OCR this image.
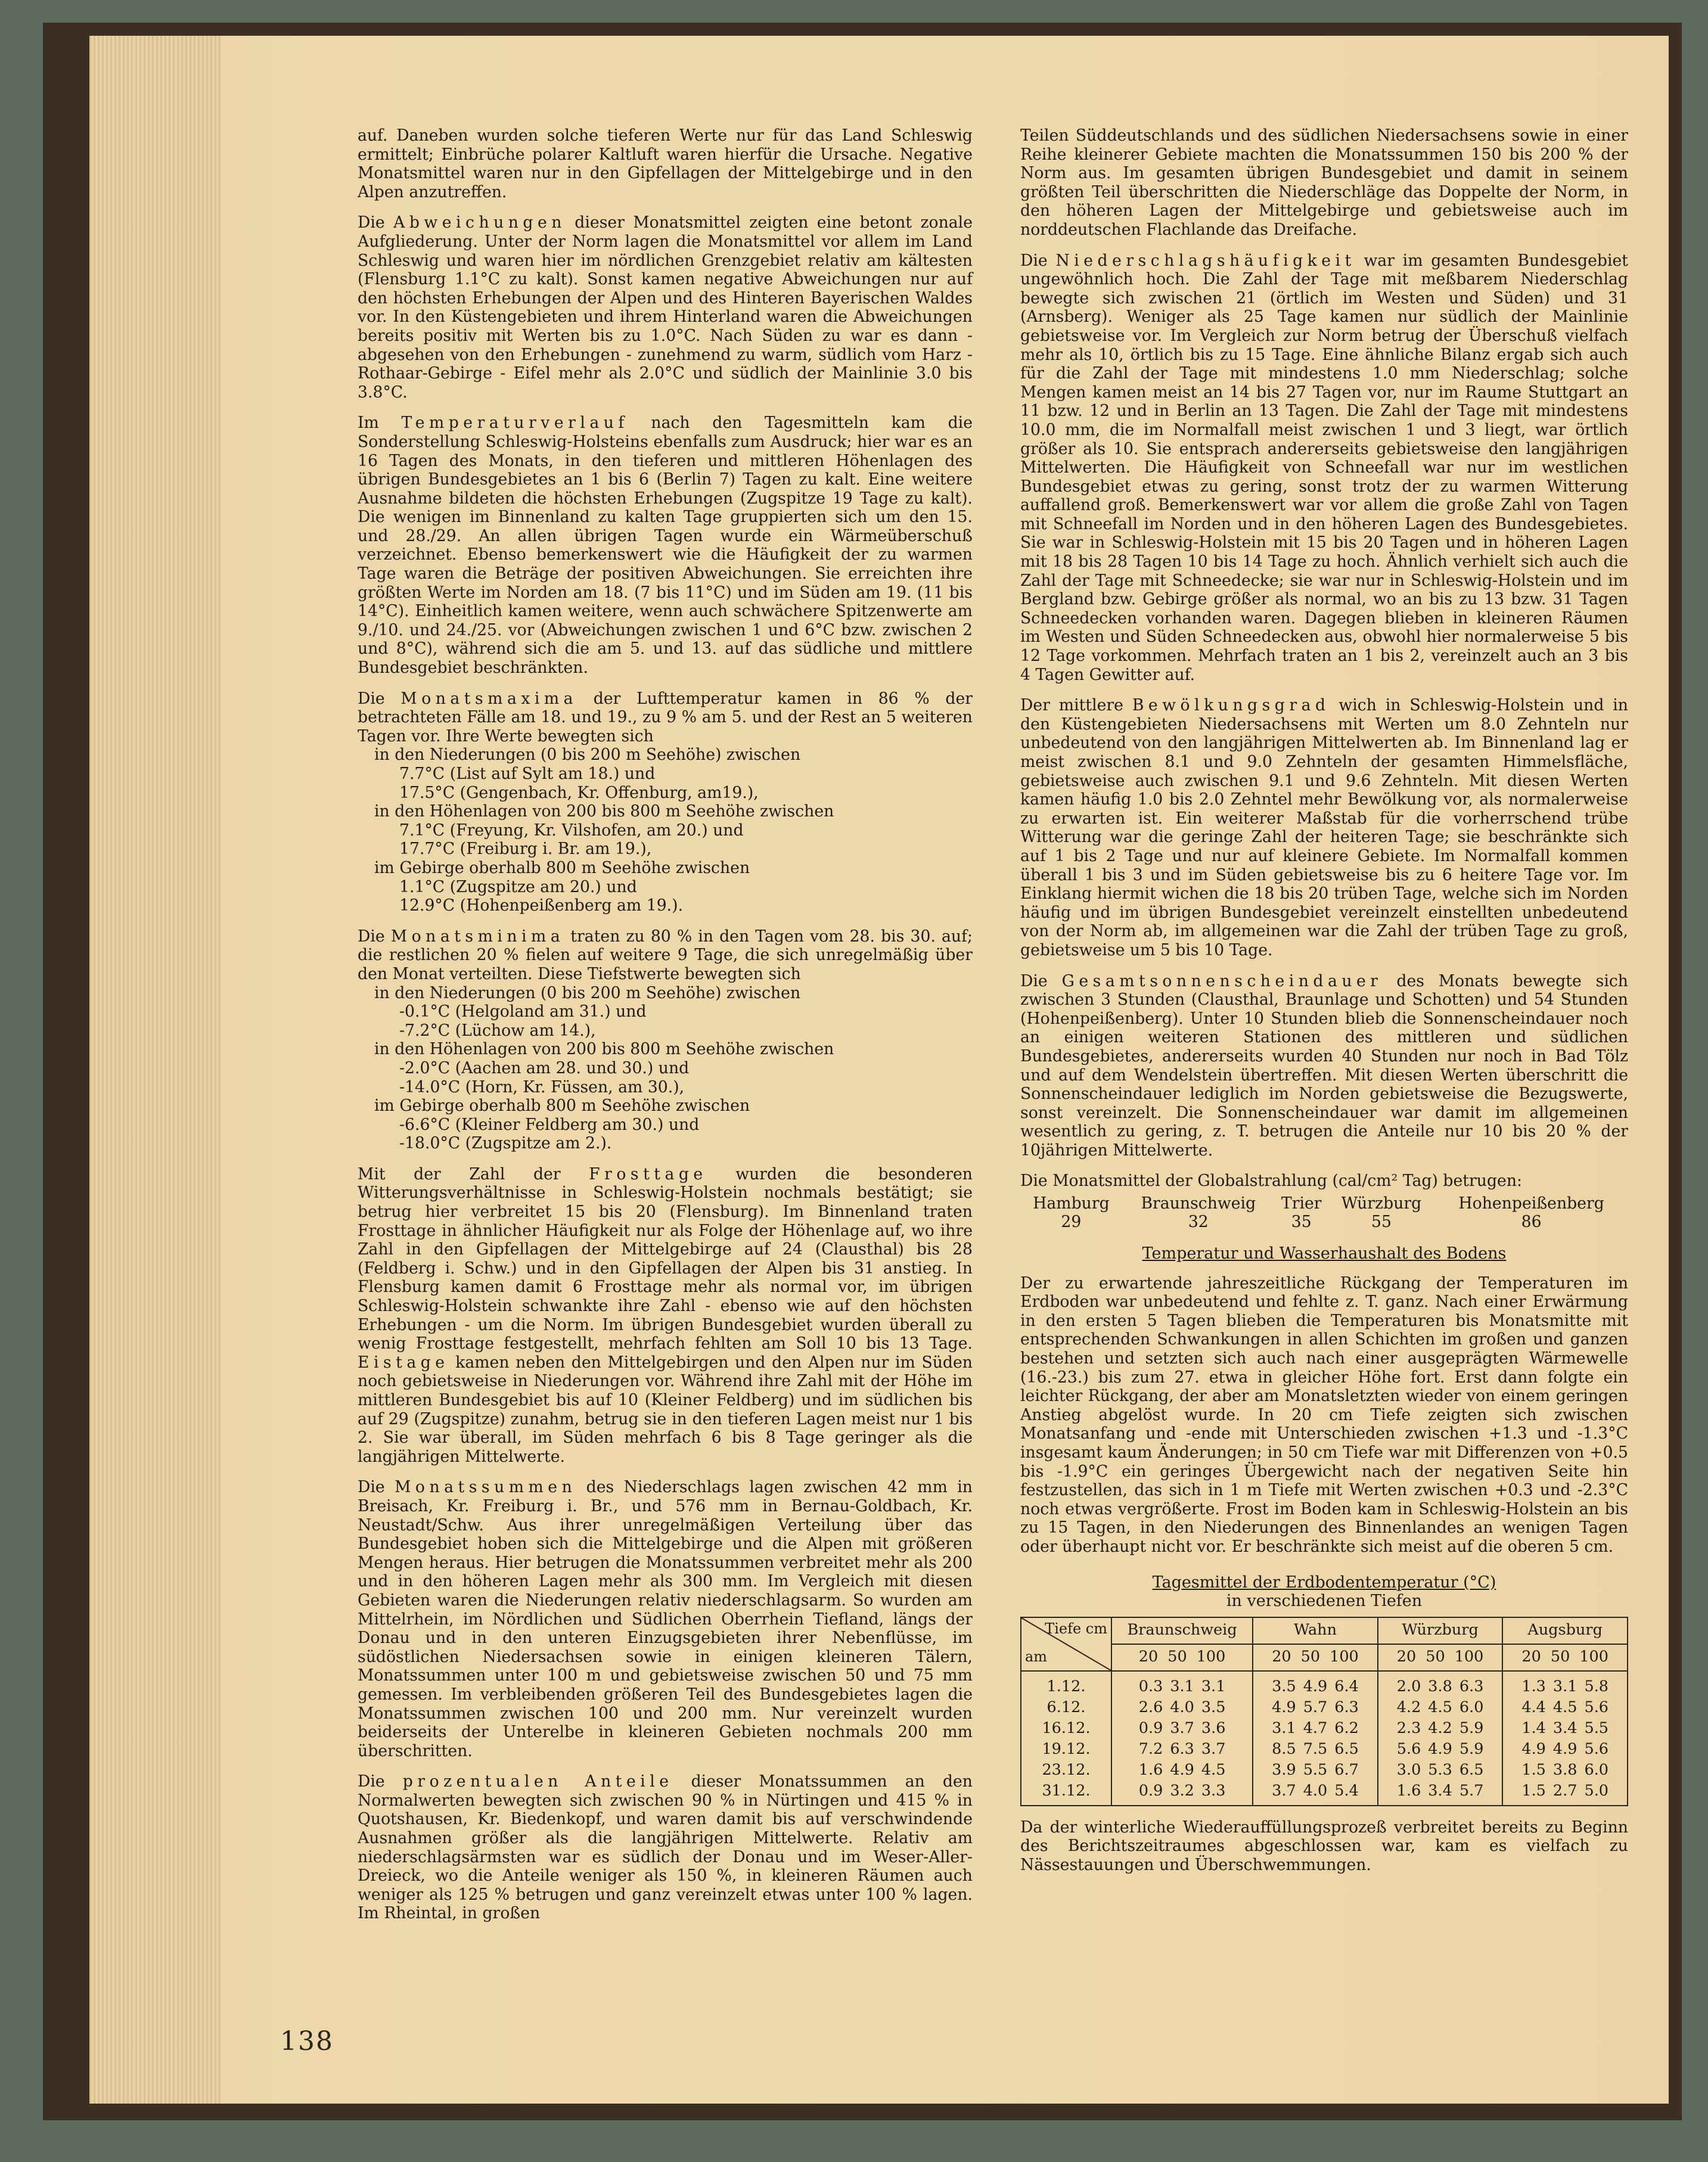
auf. Daneben wurden solche tieferen Werte nur für das Land Schleswig ermittelt; Einbrüche polarer Kaltluft waren hierfür die Ursache. Negative Monatsmittel waren nur in den Gipfellagen der Mittelgebirge und in den Alpen anzutreffen.

Die Abweichungen dieser Monatsmittel zeigten eine betont zonale Aufgliederung. Unter der Norm lagen die Monatsmittel vor allem im Land Schleswig und waren hier im nördlichen Grenzgebiet relativ am kältesten (Flensburg 1.1°C zu kalt). Sonst kamen negative Abweichungen nur auf den höchsten Erhebungen der Alpen und des Hinteren Bayerischen Waldes vor. In den Küstengebieten und ihrem Hinterland waren die Abweichungen bereits positiv mit Werten bis zu 1.0°C. Nach Süden zu war es dann - abgesehen von den Erhebungen - zunehmend zu warm, südlich vom Harz - Rothaar-Gebirge - Eifel mehr als 2.0°C und südlich der Mainlinie 3.0 bis 3.8°C.

Im Temperaturverlauf nach den Tagesmitteln kam die Sonderstellung Schleswig-Holsteins ebenfalls zum Ausdruck; hier war es an 16 Tagen des Monats, in den tieferen und mittleren Höhenlagen des übrigen Bundesgebietes an 1 bis 6 (Berlin 7) Tagen zu kalt. Eine weitere Ausnahme bildeten die höchsten Erhebungen (Zugspitze 19 Tage zu kalt). Die wenigen im Binnenland zu kalten Tage gruppierten sich um den 15. und 28./29. An allen übrigen Tagen wurde ein Wärmeüberschuß verzeichnet. Ebenso bemerkenswert wie die Häufigkeit der zu warmen Tage waren die Beträge der positiven Abweichungen. Sie erreichten ihre größten Werte im Norden am 18. (7 bis 11°C) und im Süden am 19. (11 bis 14°C). Einheitlich kamen weitere, wenn auch schwächere Spitzenwerte am 9./10. und 24./25. vor (Abweichungen zwischen 1 und 6°C bzw. zwischen 2 und 8°C), während sich die am 5. und 13. auf das südliche und mittlere Bundesgebiet beschränkten.

Die Monatsmaxima der Lufttemperatur kamen in 86 % der betrachteten Fälle am 18. und 19., zu 9 % am 5. und der Rest an 5 weiteren Tagen vor. Ihre Werte bewegten sich

in den Niederungen (0 bis 200 m Seehöhe) zwischen
7.7°C (List auf Sylt am 18.) und
17.5°C (Gengenbach, Kr. Offenburg, am19.),
in den Höhenlagen von 200 bis 800 m Seehöhe zwischen
7.1°C (Freyung, Kr. Vilshofen, am 20.) und
17.7°C (Freiburg i. Br. am 19.),
im Gebirge oberhalb 800 m Seehöhe zwischen
1.1°C (Zugspitze am 20.) und
12.9°C (Hohenpeißenberg am 19.).

Die Monatsminima traten zu 80 % in den Tagen vom 28. bis 30. auf; die restlichen 20 % fielen auf weitere 9 Tage, die sich unregelmäßig über den Monat verteilten. Diese Tiefstwerte bewegten sich

in den Niederungen (0 bis 200 m Seehöhe) zwischen
-0.1°C (Helgoland am 31.) und
-7.2°C (Lüchow am 14.),
in den Höhenlagen von 200 bis 800 m Seehöhe zwischen
-2.0°C (Aachen am 28. und 30.) und
-14.0°C (Horn, Kr. Füssen, am 30.),
im Gebirge oberhalb 800 m Seehöhe zwischen
-6.6°C (Kleiner Feldberg am 30.) und
-18.0°C (Zugspitze am 2.).

Mit der Zahl der Frosttage wurden die besonderen Witterungsverhältnisse in Schleswig-Holstein nochmals bestätigt; sie betrug hier verbreitet 15 bis 20 (Flensburg). Im Binnenland traten Frosttage in ähnlicher Häufigkeit nur als Folge der Höhenlage auf, wo ihre Zahl in den Gipfellagen der Mittelgebirge auf 24 (Clausthal) bis 28 (Feldberg i. Schw.) und in den Gipfellagen der Alpen bis 31 anstieg. In Flensburg kamen damit 6 Frosttage mehr als normal vor, im übrigen Schleswig-Holstein schwankte ihre Zahl - ebenso wie auf den höchsten Erhebungen - um die Norm. Im übrigen Bundesgebiet wurden überall zu wenig Frosttage festgestellt, mehrfach fehlten am Soll 10 bis 13 Tage. Eistage kamen neben den Mittelgebirgen und den Alpen nur im Süden noch gebietsweise in Niederungen vor. Während ihre Zahl mit der Höhe im mittleren Bundesgebiet bis auf 10 (Kleiner Feldberg) und im südlichen bis auf 29 (Zugspitze) zunahm, betrug sie in den tieferen Lagen meist nur 1 bis 2. Sie war überall, im Süden mehrfach 6 bis 8 Tage geringer als die langjährigen Mittelwerte.

Die Monatssummen des Niederschlags lagen zwischen 42 mm in Breisach, Kr. Freiburg i. Br., und 576 mm in Bernau-Goldbach, Kr. Neustadt/Schw. Aus ihrer unregelmäßigen Verteilung über das Bundesgebiet hoben sich die Mittelgebirge und die Alpen mit größeren Mengen heraus. Hier betrugen die Monatssummen verbreitet mehr als 200 und in den höheren Lagen mehr als 300 mm. Im Vergleich mit diesen Gebieten waren die Niederungen relativ niederschlagsarm. So wurden am Mittelrhein, im Nördlichen und Südlichen Oberrhein Tiefland, längs der Donau und in den unteren Einzugsgebieten ihrer Nebenflüsse, im südöstlichen Niedersachsen sowie in einigen kleineren Tälern, Monatssummen unter 100 m und gebietsweise zwischen 50 und 75 mm gemessen. Im verbleibenden größeren Teil des Bundesgebietes lagen die Monatssummen zwischen 100 und 200 mm. Nur vereinzelt wurden beiderseits der Unterelbe in kleineren Gebieten nochmals 200 mm überschritten.

Die prozentualen Anteile dieser Monatssummen an den Normalwerten bewegten sich zwischen 90 % in Nürtingen und 415 % in Quotshausen, Kr. Biedenkopf, und waren damit bis auf verschwindende Ausnahmen größer als die langjährigen Mittelwerte. Relativ am niederschlagsärmsten war es südlich der Donau und im Weser-Aller-Dreieck, wo die Anteile weniger als 150 %, in kleineren Räumen auch weniger als 125 % betrugen und ganz vereinzelt etwas unter 100 % lagen. Im Rheintal, in großen

Teilen Süddeutschlands und des südlichen Niedersachsens sowie in einer Reihe kleinerer Gebiete machten die Monatssummen 150 bis 200 % der Norm aus. Im gesamten übrigen Bundesgebiet und damit in seinem größten Teil überschritten die Niederschläge das Doppelte der Norm, in den höheren Lagen der Mittelgebirge und gebietsweise auch im norddeutschen Flachlande das Dreifache.

Die Niederschlagshäufigkeit war im gesamten Bundesgebiet ungewöhnlich hoch. Die Zahl der Tage mit meßbarem Niederschlag bewegte sich zwischen 21 (örtlich im Westen und Süden) und 31 (Arnsberg). Weniger als 25 Tage kamen nur südlich der Mainlinie gebietsweise vor. Im Vergleich zur Norm betrug der Überschuß vielfach mehr als 10, örtlich bis zu 15 Tage. Eine ähnliche Bilanz ergab sich auch für die Zahl der Tage mit mindestens 1.0 mm Niederschlag; solche Mengen kamen meist an 14 bis 27 Tagen vor, nur im Raume Stuttgart an 11 bzw. 12 und in Berlin an 13 Tagen. Die Zahl der Tage mit mindestens 10.0 mm, die im Normalfall meist zwischen 1 und 3 liegt, war örtlich größer als 10. Sie entsprach andererseits gebietsweise den langjährigen Mittelwerten. Die Häufigkeit von Schneefall war nur im westlichen Bundesgebiet etwas zu gering, sonst trotz der zu warmen Witterung auffallend groß. Bemerkenswert war vor allem die große Zahl von Tagen mit Schneefall im Norden und in den höheren Lagen des Bundesgebietes. Sie war in Schleswig-Holstein mit 15 bis 20 Tagen und in höheren Lagen mit 18 bis 28 Tagen 10 bis 14 Tage zu hoch. Ähnlich verhielt sich auch die Zahl der Tage mit Schneedecke; sie war nur in Schleswig-Holstein und im Bergland bzw. Gebirge größer als normal, wo an bis zu 13 bzw. 31 Tagen Schneedecken vorhanden waren. Dagegen blieben in kleineren Räumen im Westen und Süden Schneedecken aus, obwohl hier normalerweise 5 bis 12 Tage vorkommen. Mehrfach traten an 1 bis 2, vereinzelt auch an 3 bis 4 Tagen Gewitter auf.

Der mittlere Bewölkungsgrad wich in Schleswig-Holstein und in den Küstengebieten Niedersachsens mit Werten um 8.0 Zehnteln nur unbedeutend von den langjährigen Mittelwerten ab. Im Binnenland lag er meist zwischen 8.1 und 9.0 Zehnteln der gesamten Himmelsfläche, gebietsweise auch zwischen 9.1 und 9.6 Zehnteln. Mit diesen Werten kamen häufig 1.0 bis 2.0 Zehntel mehr Bewölkung vor, als normalerweise zu erwarten ist. Ein weiterer Maßstab für die vorherrschend trübe Witterung war die geringe Zahl der heiteren Tage; sie beschränkte sich auf 1 bis 2 Tage und nur auf kleinere Gebiete. Im Normalfall kommen überall 1 bis 3 und im Süden gebietsweise bis zu 6 heitere Tage vor. Im Einklang hiermit wichen die 18 bis 20 trüben Tage, welche sich im Norden häufig und im übrigen Bundesgebiet vereinzelt einstellten unbedeutend von der Norm ab, im allgemeinen war die Zahl der trüben Tage zu groß, gebietsweise um 5 bis 10 Tage.

Die Gesamtsonnenscheindauer des Monats bewegte sich zwischen 3 Stunden (Clausthal, Braunlage und Schotten) und 54 Stunden (Hohenpeißenberg). Unter 10 Stunden blieb die Sonnenscheindauer noch an einigen weiteren Stationen des mittleren und südlichen Bundesgebietes, andererseits wurden 40 Stunden nur noch in Bad Tölz und auf dem Wendelstein übertreffen. Mit diesen Werten überschritt die Sonnenscheindauer lediglich im Norden gebietsweise die Bezugswerte, sonst vereinzelt. Die Sonnenscheindauer war damit im allgemeinen wesentlich zu gering, z. T. betrugen die Anteile nur 10 bis 20 % der 10jährigen Mittelwerte.

Die Monatsmittel der Globalstrahlung (cal/cm² Tag) betrugen:

Hamburg	Braunschweig	Trier	Würzburg	Hohenpeißenberg
29	32	35	55	86
Temperatur und Wasserhaushalt des Bodens

Der zu erwartende jahreszeitliche Rückgang der Temperaturen im Erdboden war unbedeutend und fehlte z. T. ganz. Nach einer Erwärmung in den ersten 5 Tagen blieben die Temperaturen bis Monatsmitte mit entsprechenden Schwankungen in allen Schichten im großen und ganzen bestehen und setzten sich auch nach einer ausgeprägten Wärmewelle (16.-23.) bis zum 27. etwa in gleicher Höhe fort. Erst dann folgte ein leichter Rückgang, der aber am Monatsletzten wieder von einem geringen Anstieg abgelöst wurde. In 20 cm Tiefe zeigten sich zwischen Monatsanfang und -ende mit Unterschieden zwischen +1.3 und -1.3°C insgesamt kaum Änderungen; in 50 cm Tiefe war mit Differenzen von +0.5 bis -1.9°C ein geringes Übergewicht nach der negativen Seite hin festzustellen, das sich in 1 m Tiefe mit Werten zwischen +0.3 und -2.3°C noch etwas vergrößerte. Frost im Boden kam in Schleswig-Holstein an bis zu 15 Tagen, in den Niederungen des Binnenlandes an wenigen Tagen oder überhaupt nicht vor. Er beschränkte sich meist auf die oberen 5 cm.

Tagesmittel der Erdbodentemperatur (°C)
in verschiedenen Tiefen
Tiefe cm
am	Braunschweig	Wahn	Würzburg	Augsburg
	20 50 100	20 50 100	20 50 100	20 50 100
1.12.	0.3 3.1 3.1	3.5 4.9 6.4	2.0 3.8 6.3	1.3 3.1 5.8
6.12.	2.6 4.0 3.5	4.9 5.7 6.3	4.2 4.5 6.0	4.4 4.5 5.6
16.12.	0.9 3.7 3.6	3.1 4.7 6.2	2.3 4.2 5.9	1.4 3.4 5.5
19.12.	7.2 6.3 3.7	8.5 7.5 6.5	5.6 4.9 5.9	4.9 4.9 5.6
23.12.	1.6 4.9 4.5	3.9 5.5 6.7	3.0 5.3 6.5	1.5 3.8 6.0
31.12.	0.9 3.2 3.3	3.7 4.0 5.4	1.6 3.4 5.7	1.5 2.7 5.0

Da der winterliche Wiederauffüllungsprozeß verbreitet bereits zu Beginn des Berichtszeitraumes abgeschlossen war, kam es vielfach zu Nässestauungen und Überschwemmungen.

138
